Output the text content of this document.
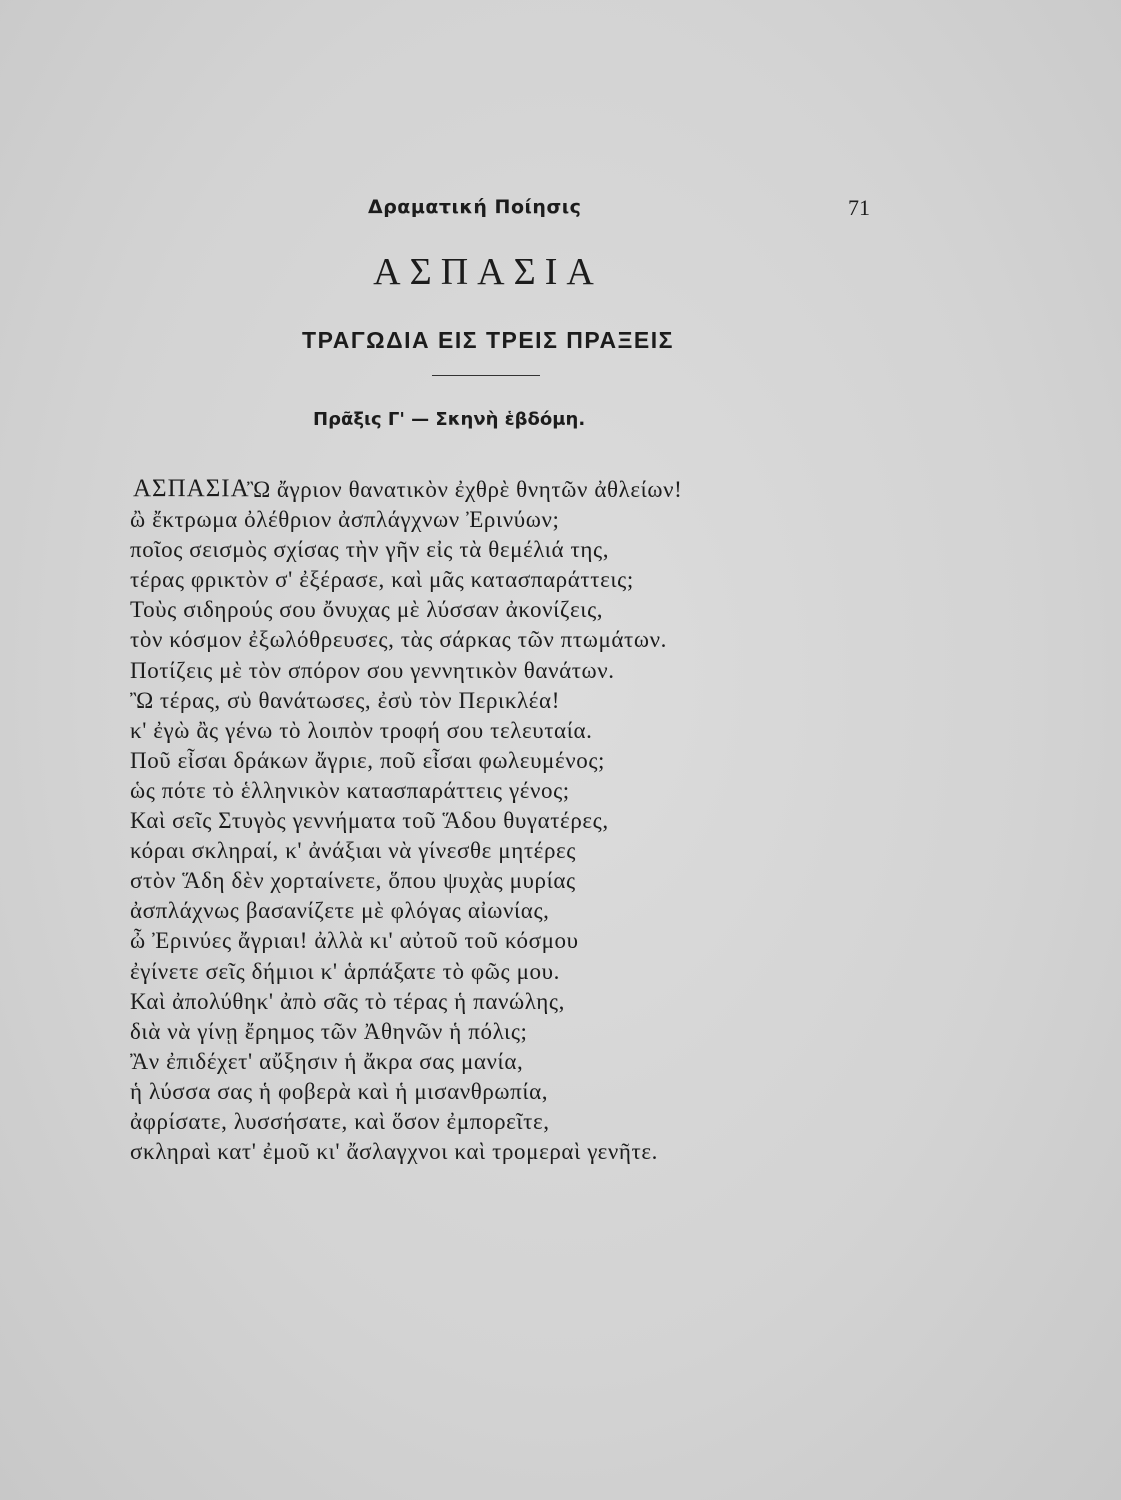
Δραματική Ποίησις	71
ΑΣΠΑΣΙΑ
ΤΡΑΓΩΔΙΑ ΕΙΣ ΤΡΕΙΣ ΠΡΑΞΕΙΣ
Πρᾶξις Γ' — Σκηνὴ ἑβδόμη.
ΑΣΠΑΣΙΑ
Ὢ ἄγριον θανατικὸν ἐχθρὲ θνητῶν ἀθλείων!
ὢ ἔκτρωμα ὀλέθριον ἀσπλάγχνων Ἐρινύων;
ποῖος σεισμὸς σχίσας τὴν γῆν εἰς τὰ θεμέλιά της,
τέρας φρικτὸν σ' ἐξέρασε, καὶ μᾶς κατασπαράττεις;
Τοὺς σιδηρούς σου ὄνυχας μὲ λύσσαν ἀκονίζεις,
τὸν κόσμον ἐξωλόθρευσες, τὰς σάρκας τῶν πτωμάτων.
Ποτίζεις μὲ τὸν σπόρον σου γεννητικὸν θανάτων.
Ὢ τέρας, σὺ θανάτωσες, ἐσὺ τὸν Περικλέα!
κ' ἐγὼ ἂς γένω τὸ λοιπὸν τροφή σου τελευταία.
Ποῦ εἶσαι δράκων ἄγριε, ποῦ εἶσαι φωλευμένος;
ὡς πότε τὸ ἑλληνικὸν κατασπαράττεις γένος;
Καὶ σεῖς Στυγὸς γεννήματα τοῦ Ἅδου θυγατέρες,
κόραι σκληραί, κ' ἀνάξιαι νὰ γίνεσθε μητέρες
στὸν Ἅδη δὲν χορταίνετε, ὅπου ψυχὰς μυρίας
ἀσπλάχνως βασανίζετε μὲ φλόγας αἰωνίας,
ὦ Ἐρινύες ἄγριαι! ἀλλὰ κι' αὐτοῦ τοῦ κόσμου
ἐγίνετε σεῖς δήμιοι κ' ἁρπάξατε τὸ φῶς μου.
Καὶ ἀπολύθηκ' ἀπὸ σᾶς τὸ τέρας ἡ πανώλης,
διὰ νὰ γίνῃ ἔρημος τῶν Ἀθηνῶν ἡ πόλις;
Ἂν ἐπιδέχετ' αὔξησιν ἡ ἄκρα σας μανία,
ἡ λύσσα σας ἡ φοβερὰ καὶ ἡ μισανθρωπία,
ἀφρίσατε, λυσσήσατε, καὶ ὅσον ἐμπορεῖτε,
σκληραὶ κατ' ἐμοῦ κι' ἄσλαγχνοι καὶ τρομεραὶ γενῆτε.
